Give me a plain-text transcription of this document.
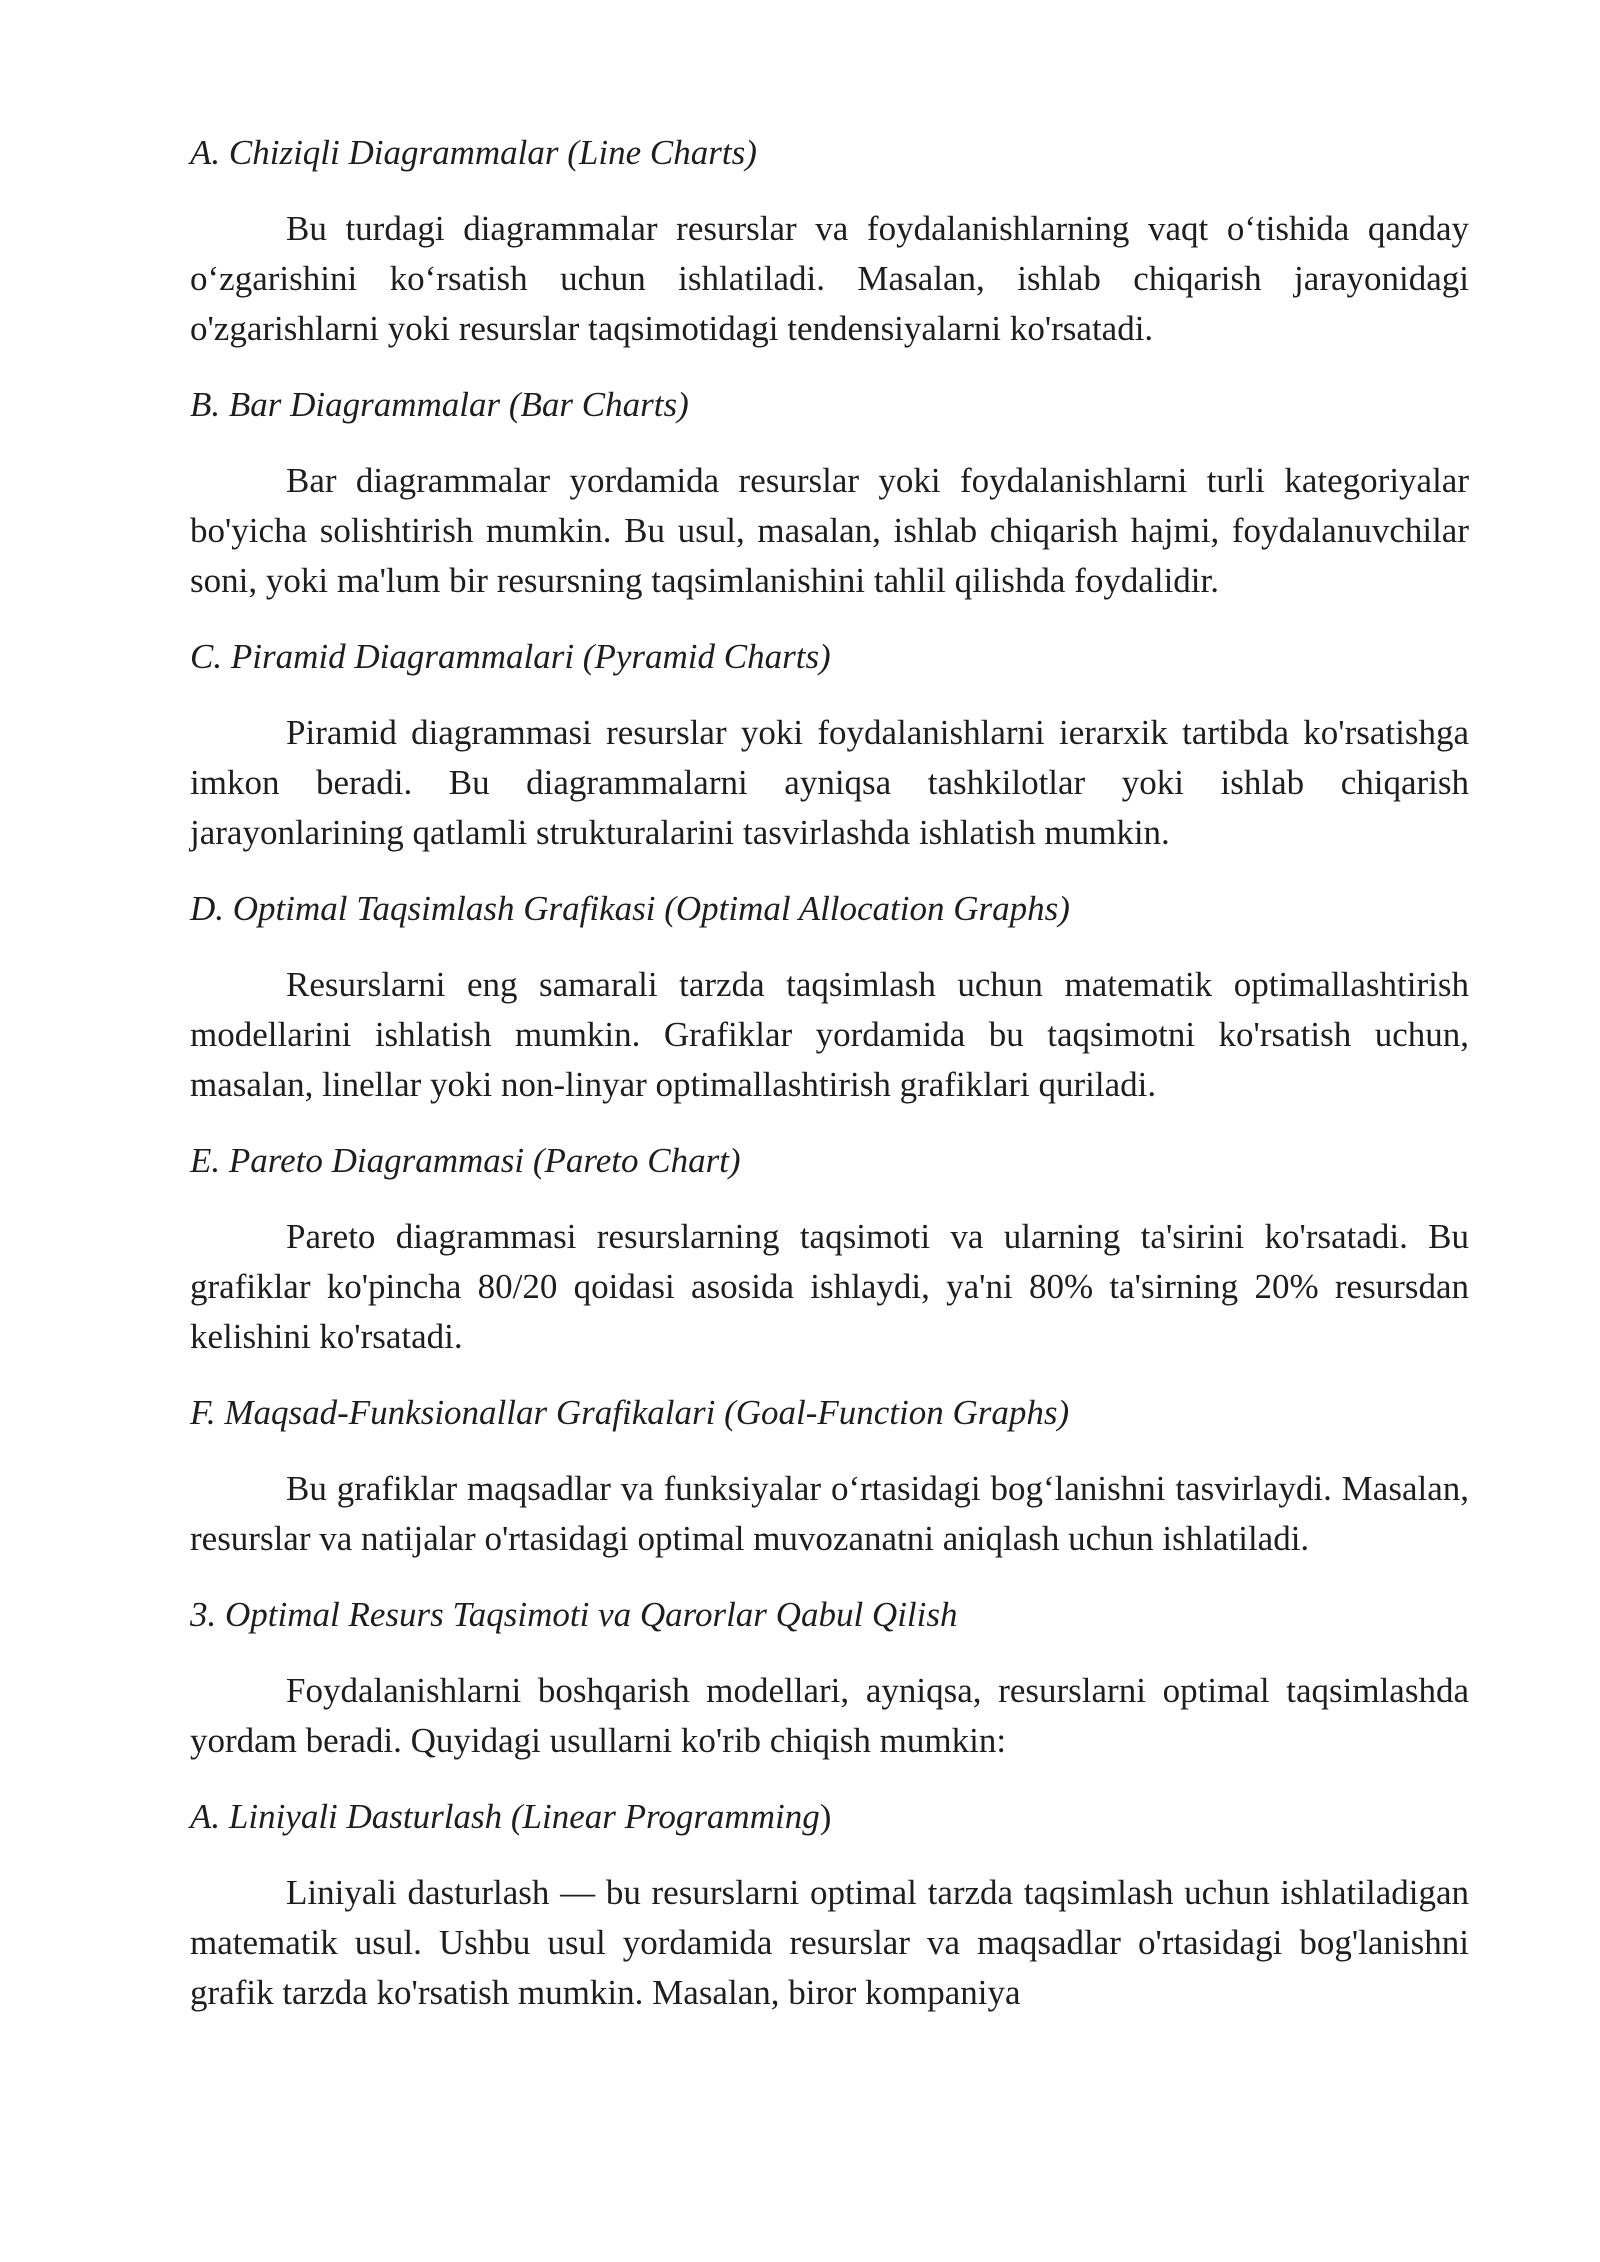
A. Chiziqli Diagrammalar (Line Charts)

Bu turdagi diagrammalar resurslar va foydalanishlarning vaqt o‘tishida qanday o‘zgarishini ko‘rsatish uchun ishlatiladi. Masalan, ishlab chiqarish jarayonidagi o'zgarishlarni yoki resurslar taqsimotidagi tendensiyalarni ko'rsatadi.

B. Bar Diagrammalar (Bar Charts)

Bar diagrammalar yordamida resurslar yoki foydalanishlarni turli kategoriyalar bo'yicha solishtirish mumkin. Bu usul, masalan, ishlab chiqarish hajmi, foydalanuvchilar soni, yoki ma'lum bir resursning taqsimlanishini tahlil qilishda foydalidir.

C. Piramid Diagrammalari (Pyramid Charts)

Piramid diagrammasi resurslar yoki foydalanishlarni ierarxik tartibda ko'rsatishga imkon beradi. Bu diagrammalarni ayniqsa tashkilotlar yoki ishlab chiqarish jarayonlarining qatlamli strukturalarini tasvirlashda ishlatish mumkin.

D. Optimal Taqsimlash Grafikasi (Optimal Allocation Graphs)

Resurslarni eng samarali tarzda taqsimlash uchun matematik optimallashtirish modellarini ishlatish mumkin. Grafiklar yordamida bu taqsimotni ko'rsatish uchun, masalan, linellar yoki non-linyar optimallashtirish grafiklari quriladi.

E. Pareto Diagrammasi (Pareto Chart)

Pareto diagrammasi resurslarning taqsimoti va ularning ta'sirini ko'rsatadi. Bu grafiklar ko'pincha 80/20 qoidasi asosida ishlaydi, ya'ni 80% ta'sirning 20% resursdan kelishini ko'rsatadi.

F. Maqsad-Funksionallar Grafikalari (Goal-Function Graphs)

Bu grafiklar maqsadlar va funksiyalar o‘rtasidagi bog‘lanishni tasvirlaydi. Masalan, resurslar va natijalar o'rtasidagi optimal muvozanatni aniqlash uchun ishlatiladi.

3. Optimal Resurs Taqsimoti va Qarorlar Qabul Qilish

Foydalanishlarni boshqarish modellari, ayniqsa, resurslarni optimal taqsimlashda yordam beradi. Quyidagi usullarni ko'rib chiqish mumkin:

A. Liniyali Dasturlash (Linear Programming)

Liniyali dasturlash — bu resurslarni optimal tarzda taqsimlash uchun ishlatiladigan matematik usul. Ushbu usul yordamida resurslar va maqsadlar o'rtasidagi bog'lanishni grafik tarzda ko'rsatish mumkin. Masalan, biror kompaniya
